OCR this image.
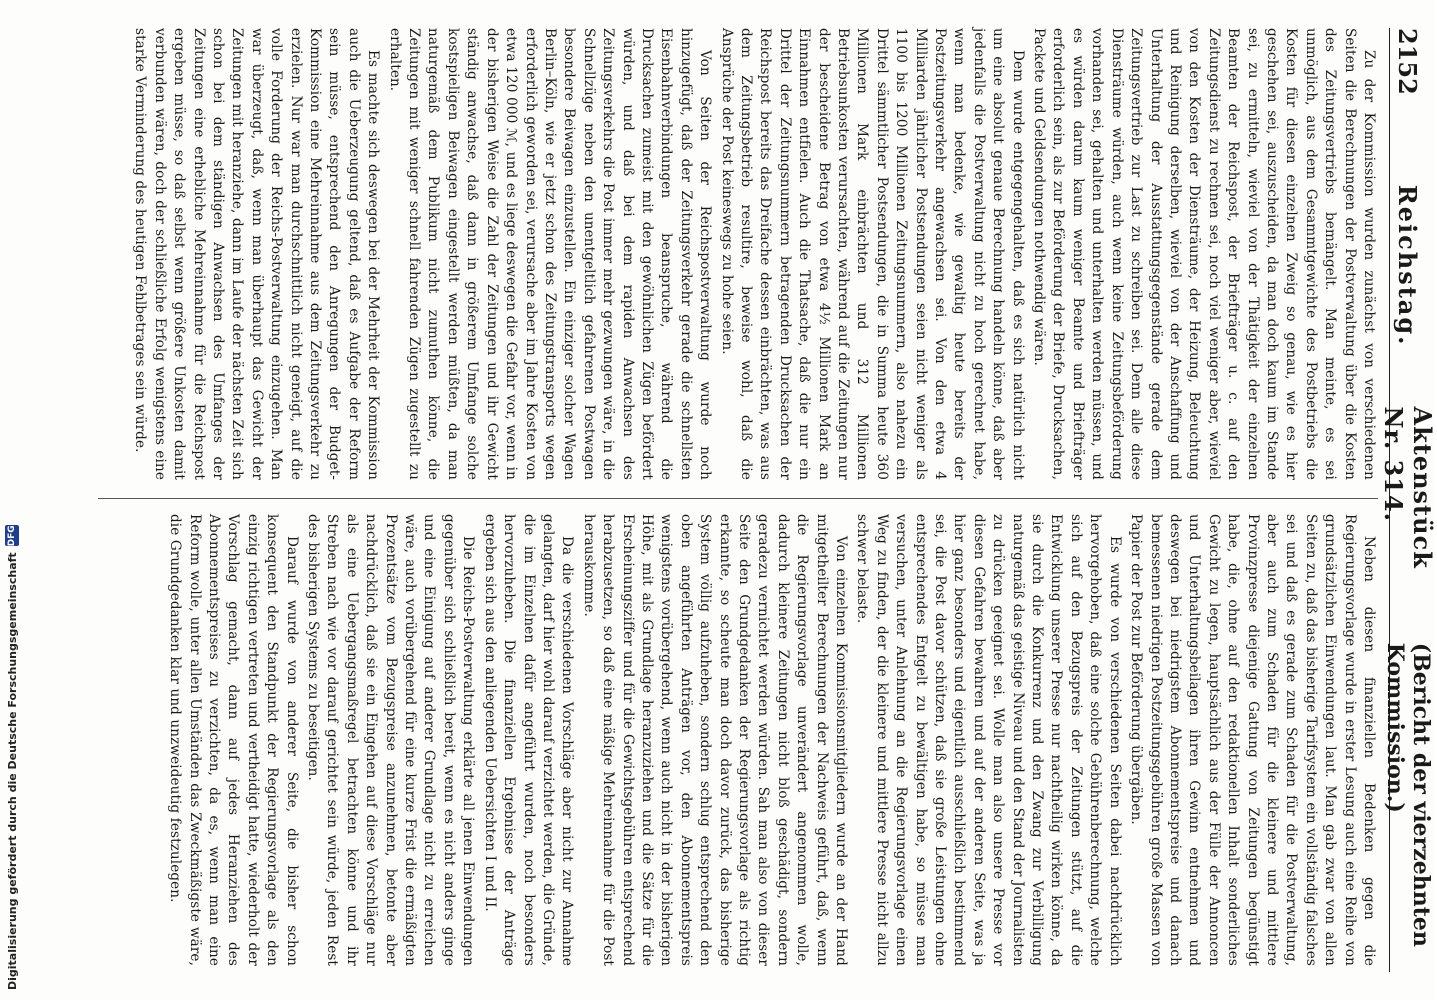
2152
Reichstag.
Aktenstück Nr. 314.
(Bericht der vierzehnten Kommission.)

Zu der Kommission wurden zunächst von verschiedenen Seiten die Berechnungen der Postverwaltung über die Kosten des Zeitungsvertriebs bemängelt. Man meinte, es sei unmöglich, aus dem Gesammtgewichte des Postbetriebs die Kosten für diesen einzelnen Zweig so genau, wie es hier geschehen sei, auszuscheiden, da man doch kaum im Stande sei, zu ermitteln, wieviel von der Thätigkeit der einzelnen Beamten der Reichspost, der Briefträger u. c. auf den Zeitungsdienst zu rechnen sei, noch viel weniger aber, wieviel von den Kosten der Diensträume, der Heizung, Beleuchtung und Reinigung derselben, wieviel von der Anschaffung und Unterhaltung der Ausstattungsgegenstände gerade dem Zeitungsvertrieb zur Last zu schreiben sei. Denn alle diese Diensträume würden, auch wenn keine Zeitungsbeförderung vorhanden sei, gehalten und unterhalten werden müssen, und es würden darum kaum weniger Beamte und Briefträger erforderlich sein, als zur Beförderung der Briefe, Drucksachen, Packete und Geldsendungen nothwendig wären.

Dem wurde entgegengehalten, daß es sich natürlich nicht um eine absolut genaue Berechnung handeln könne, daß aber jedenfalls die Postverwaltung nicht zu hoch gerechnet habe, wenn man bedenke, wie gewaltig heute bereits der Postzeitungsverkehr angewachsen sei. Von den etwa 4 Milliarden jährlicher Postsendungen seien nicht weniger als 1100 bis 1200 Millionen Zeitungsnummern, also nahezu ein Drittel sämmtlicher Postsendungen, die in Summa heute 360 Millionen Mark einbrächten und 312 Millionen Betriebsunkosten verursachten, während auf die Zeitungen nur der bescheidene Betrag von etwa 4½ Millionen Mark an Einnahmen entfielen. Auch die Thatsache, daß die nur ein Drittel der Zeitungsnummern betragenden Drucksachen der Reichspost bereits das Dreifache dessen einbrächten, was aus dem Zeitungsbetrieb resultire, beweise wohl, daß die Ansprüche der Post keineswegs zu hohe seien.

Von Seiten der Reichspostverwaltung wurde noch hinzugefügt, daß der Zeitungsverkehr gerade die schnellsten Eisenbahnverbindungen beanspruche, während die Drucksachen zumeist mit den gewöhnlichen Zügen befördert würden, und daß bei dem rapiden Anwachsen des Zeitungsverkehrs die Post immer mehr gezwungen wäre, in die Schnellzüge neben den unentgeltlich gefahrenen Postwagen besondere Beiwagen einzustellen. Ein einziger solcher Wagen Berlin–Köln, wie er jetzt schon des Zeitungstransports wegen erforderlich geworden sei, verursache aber im Jahre Kosten von etwa 120 000 ℳ, und es liege deswegen die Gefahr vor, wenn in der bisherigen Weise die Zahl der Zeitungen und ihr Gewicht ständig anwachse, daß dann in größerem Umfange solche kostspieligen Beiwagen eingestellt werden müßten, da man naturgemäß dem Publikum nicht zumuthen könne, die Zeitungen mit weniger schnell fahrenden Zügen zugestellt zu erhalten.

Es machte sich deswegen bei der Mehrheit der Kommission auch die Ueberzeugung geltend, daß es Aufgabe der Reform sein müsse, entsprechend den Anregungen der Budget-Kommission eine Mehreinnahme aus dem Zeitungsverkehr zu erzielen. Nur war man durchschnittlich nicht geneigt, auf die volle Forderung der Reichs-Postverwaltung einzugehen. Man war überzeugt, daß, wenn man überhaupt das Gewicht der Zeitungen mit heranziehe, dann im Laufe der nächsten Zeit sich schon bei dem ständigen Anwachsen des Umfanges der Zeitungen eine erhebliche Mehreinnahme für die Reichspost ergeben müsse, so daß selbst wenn größere Unkosten damit verbunden wären, doch der schließliche Erfolg wenigstens eine starke Verminderung des heutigen Fehlbetrages sein würde.

Neben diesen finanziellen Bedenken gegen die Regierungsvorlage wurde in erster Lesung auch eine Reihe von grundsätzlichen Einwendungen laut. Man gab zwar von allen Seiten zu, daß das bisherige Tarifsystem ein vollständig falsches sei und daß es gerade zum Schaden für die Postverwaltung, aber auch zum Schaden für die kleinere und mittlere Provinzpresse diejenige Gattung von Zeitungen begünstigt habe, die, ohne auf den redaktionellen Inhalt sonderliches Gewicht zu legen, hauptsächlich aus der Fülle der Annoncen und Unterhaltungsbeilagen ihren Gewinn entnehmen und deswegen bei niedrigstem Abonnementspreise und danach bemessenen niedrigen Postzeitungsgebühren große Massen von Papier der Post zur Beförderung übergäben.

Es wurde von verschiedenen Seiten dabei nachdrücklich hervorgehoben, daß eine solche Gebührenberechnung, welche sich auf den Bezugspreis der Zeitungen stützt, auf die Entwicklung unserer Presse nur nachtheilig wirken könne, da sie durch die Konkurrenz und den Zwang zur Verbilligung naturgemäß das geistige Niveau und den Stand der Journalisten zu drücken geeignet sei. Wolle man also unsere Presse vor diesen Gefahren bewahren und auf der anderen Seite, was ja hier ganz besonders und eigentlich ausschließlich bestimmend sei, die Post davor schützen, daß sie große Leistungen ohne entsprechendes Entgelt zu bewältigen habe, so müsse man versuchen, unter Anlehnung an die Regierungsvorlage einen Weg zu finden, der die kleinere und mittlere Presse nicht allzu schwer belaste.

Von einzelnen Kommissionsmitgliedern wurde an der Hand mitgetheilter Berechnungen der Nachweis geführt, daß, wenn die Regierungsvorlage unverändert angenommen wolle, dadurch kleinere Zeitungen nicht bloß geschädigt, sondern geradezu vernichtet werden würden. Sah man also von dieser Seite den Grundgedanken der Regierungsvorlage als richtig erkannte, so scheute man doch davor zurück, das bisherige System völlig aufzuheben, sondern schlug entsprechend den oben angeführten Anträgen vor, den Abonnementspreis wenigstens vorübergehend, wenn auch nicht in der bisherigen Höhe, mit als Grundlage heranzuziehen und die Sätze für die Erscheinungsziffer und für die Gewichtsgebühren entsprechend herabzusetzen, so daß eine mäßige Mehreinnahme für die Post herauskomme.

Da die verschiedenen Vorschläge aber nicht zur Annahme gelangten, darf hier wohl darauf verzichtet werden, die Gründe, die im Einzelnen dafür angeführt wurden, noch besonders hervorzuheben. Die finanziellen Ergebnisse der Anträge ergeben sich aus den anliegenden Uebersichten I und II.

Die Reichs-Postverwaltung erklärte all jenen Einwendungen gegenüber sich schließlich bereit, wenn es nicht anders ginge und eine Einigung auf anderer Grundlage nicht zu erreichen wäre, auch vorübergehend für eine kurze Frist die ermäßigten Prozentsätze vom Bezugspreise anzunehmen, betonte aber nachdrücklich, daß sie ein Eingehen auf diese Vorschläge nur als eine Uebergangsmaßregel betrachten könne und ihr Streben nach wie vor darauf gerichtet sein würde, jeden Rest des bisherigen Systems zu beseitigen.

Darauf wurde von anderer Seite, die bisher schon konsequent den Standpunkt der Regierungsvorlage als den einzig richtigen vertreten und vertheidigt hatte, wiederholt der Vorschlag gemacht, dann auf jedes Heranziehen des Abonnementspreises zu verzichten, da es, wenn man eine Reform wolle, unter allen Umständen das Zweckmäßigste wäre, die Grundgedanken klar und unzweideutig festzulegen.

Digitalisierung gefördert durch die Deutsche Forschungsgemeinschaft
DFG
